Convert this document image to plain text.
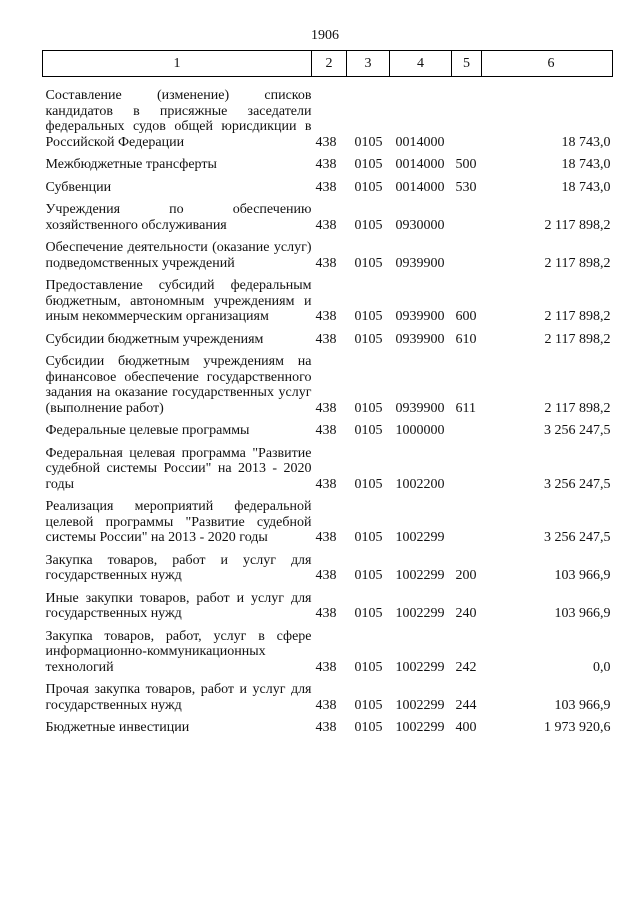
1906
1	2	3	4	5	6
Составление (изменение) списков кандидатов в присяжные заседатели федеральных судов общей юрисдикции в Российской Федерации	438	0105	0014000		18 743,0
Межбюджетные трансферты	438	0105	0014000	500	18 743,0
Субвенции	438	0105	0014000	530	18 743,0
Учреждения по обеспечению хозяйственного обслуживания	438	0105	0930000		2 117 898,2
Обеспечение деятельности (оказание услуг) подведомственных учреждений	438	0105	0939900		2 117 898,2
Предоставление субсидий федеральным бюджетным, автономным учреждениям и иным некоммерческим организациям	438	0105	0939900	600	2 117 898,2
Субсидии бюджетным учреждениям	438	0105	0939900	610	2 117 898,2
Субсидии бюджетным учреждениям на финансовое обеспечение государственного задания на оказание государственных услуг (выполнение работ)	438	0105	0939900	611	2 117 898,2
Федеральные целевые программы	438	0105	1000000		3 256 247,5
Федеральная целевая программа "Развитие судебной системы России" на 2013 - 2020 годы	438	0105	1002200		3 256 247,5
Реализация мероприятий федеральной целевой программы "Развитие судебной системы России" на 2013 - 2020 годы	438	0105	1002299		3 256 247,5
Закупка товаров, работ и услуг для государственных нужд	438	0105	1002299	200	103 966,9
Иные закупки товаров, работ и услуг для государственных нужд	438	0105	1002299	240	103 966,9
Закупка товаров, работ, услуг в сфере информационно-коммуникационных технологий	438	0105	1002299	242	0,0
Прочая закупка товаров, работ и услуг для государственных нужд	438	0105	1002299	244	103 966,9
Бюджетные инвестиции	438	0105	1002299	400	1 973 920,6
